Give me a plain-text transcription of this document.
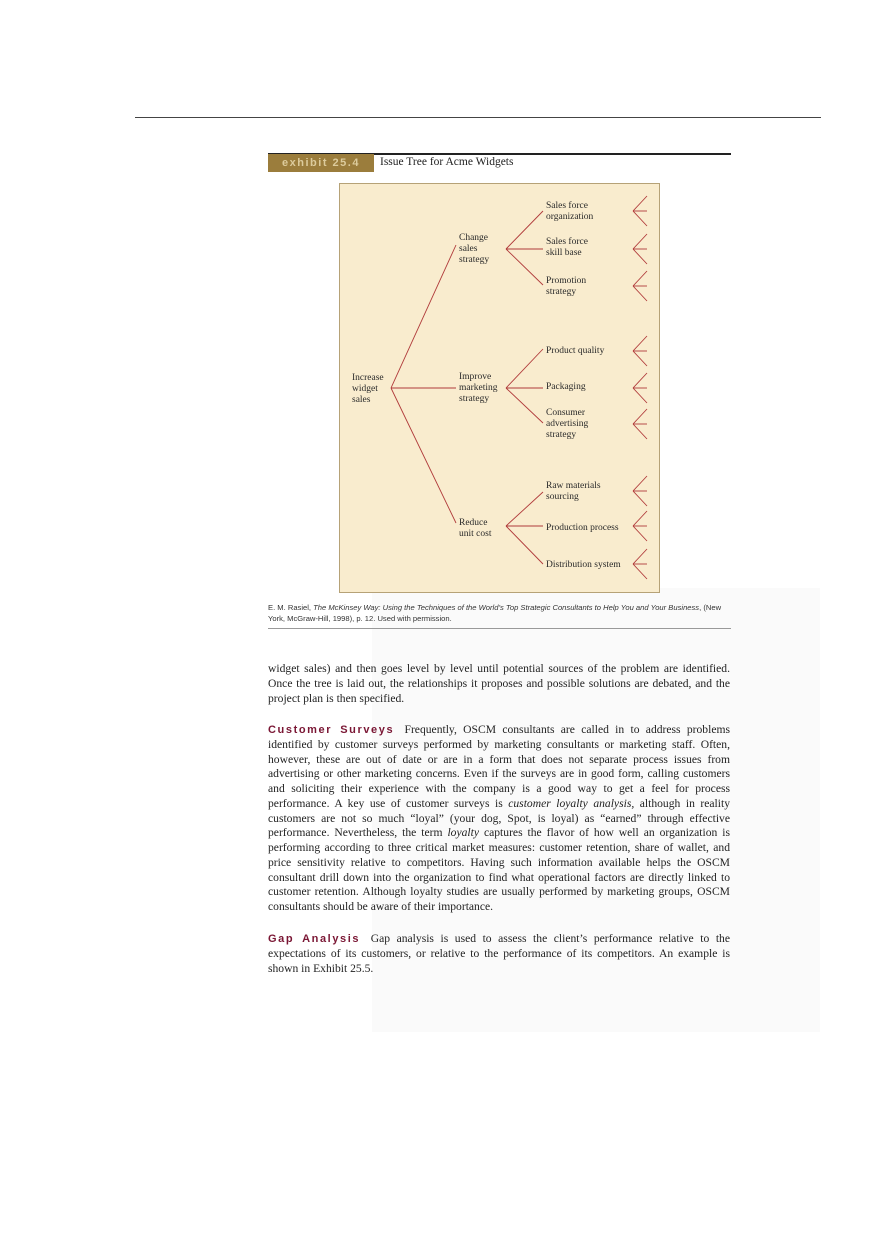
exhibit 25.4	Issue Tree for Acme Widgets
Increase
widget
sales
Change
sales
strategy
Improve
marketing
strategy
Reduce
unit cost
Sales force
organization
Sales force
skill base
Promotion
strategy
Product quality
Packaging
Consumer
advertising
strategy
Raw materials
sourcing
Production process
Distribution system
E. M. Rasiel, The McKinsey Way: Using the Techniques of the World’s Top Strategic Consultants to Help You and Your Business, (New York, McGraw-Hill, 1998), p. 12. Used with permission.
widget sales) and then goes level by level until potential sources of the problem are identified. Once the tree is laid out, the relationships it proposes and possible solutions are debated, and the project plan is then specified.
Customer Surveys Frequently, OSCM consultants are called in to address problems identified by customer surveys performed by marketing consultants or marketing staff. Often, however, these are out of date or are in a form that does not separate process issues from advertising or other marketing concerns. Even if the surveys are in good form, calling customers and soliciting their experience with the company is a good way to get a feel for process performance. A key use of customer surveys is customer loyalty analysis, although in reality customers are not so much “loyal” (your dog, Spot, is loyal) as “earned” through effective performance. Nevertheless, the term loyalty captures the flavor of how well an organization is performing according to three critical market measures: customer retention, share of wallet, and price sensitivity relative to competitors. Having such information available helps the OSCM consultant drill down into the organization to find what operational factors are directly linked to customer retention. Although loyalty studies are usually performed by marketing groups, OSCM consultants should be aware of their importance.
Gap Analysis Gap analysis is used to assess the client’s performance relative to the expectations of its customers, or relative to the performance of its competitors. An example is shown in Exhibit 25.5.
